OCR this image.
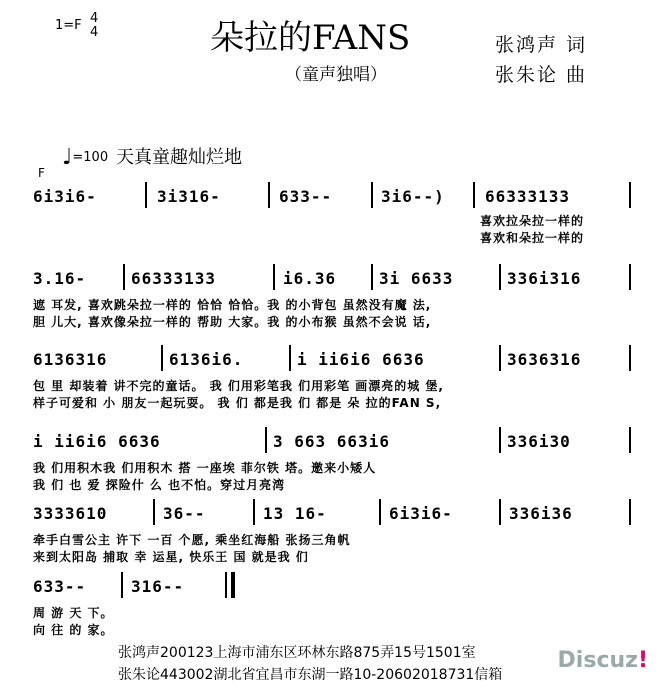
1=F 4
4	朵拉的FANS
（童声独唱）
张鸿声 词
张朱论 曲
♩=100 天真童趣灿烂地
F
6i3i6-	3i316-	633--	3i6--)	66333133
喜欢拉朵拉一样的
喜欢和朵拉一样的
3.16-	66333133	i6.36	3i 6633	336i316
遮 耳发, 喜欢跳朵拉一样的 恰恰 恰恰。我 的小背包 虽然没有魔 法,
胆 儿大, 喜欢像朵拉一样的 帮助 大家。我 的小布猴 虽然不会说 话,
6136316	6136i6.	i ii6i6 6636	3636316
包 里 却装着 讲不完的童话。 我 们用彩笔我 们用彩笔 画漂亮的城 堡,
样子可爱和 小 朋友一起玩耍。 我 们 都是我 们 都是 朵 拉的FAN S,
i ii6i6 6636	3 663 663i6	336i30
我 们用积木我 们用积木 搭 一座埃 菲尔铁 塔。邀来小矮人
我 们 也 爱 探险什 么 也不怕。穿过月亮湾
3333610	36--	13 16-	6i3i6-	336i36
牵手白雪公主 许下 一百 个愿, 乘坐红海船 张扬三角帆
来到太阳岛 捕取 幸 运星, 快乐王 国 就是我 们
633--	316--
周 游 天 下。
向 往 的 家。
张鸿声200123上海市浦东区环林东路875弄15号1501室
张朱论443002湖北省宜昌市东湖一路10-20602018731信箱
Discuz!
